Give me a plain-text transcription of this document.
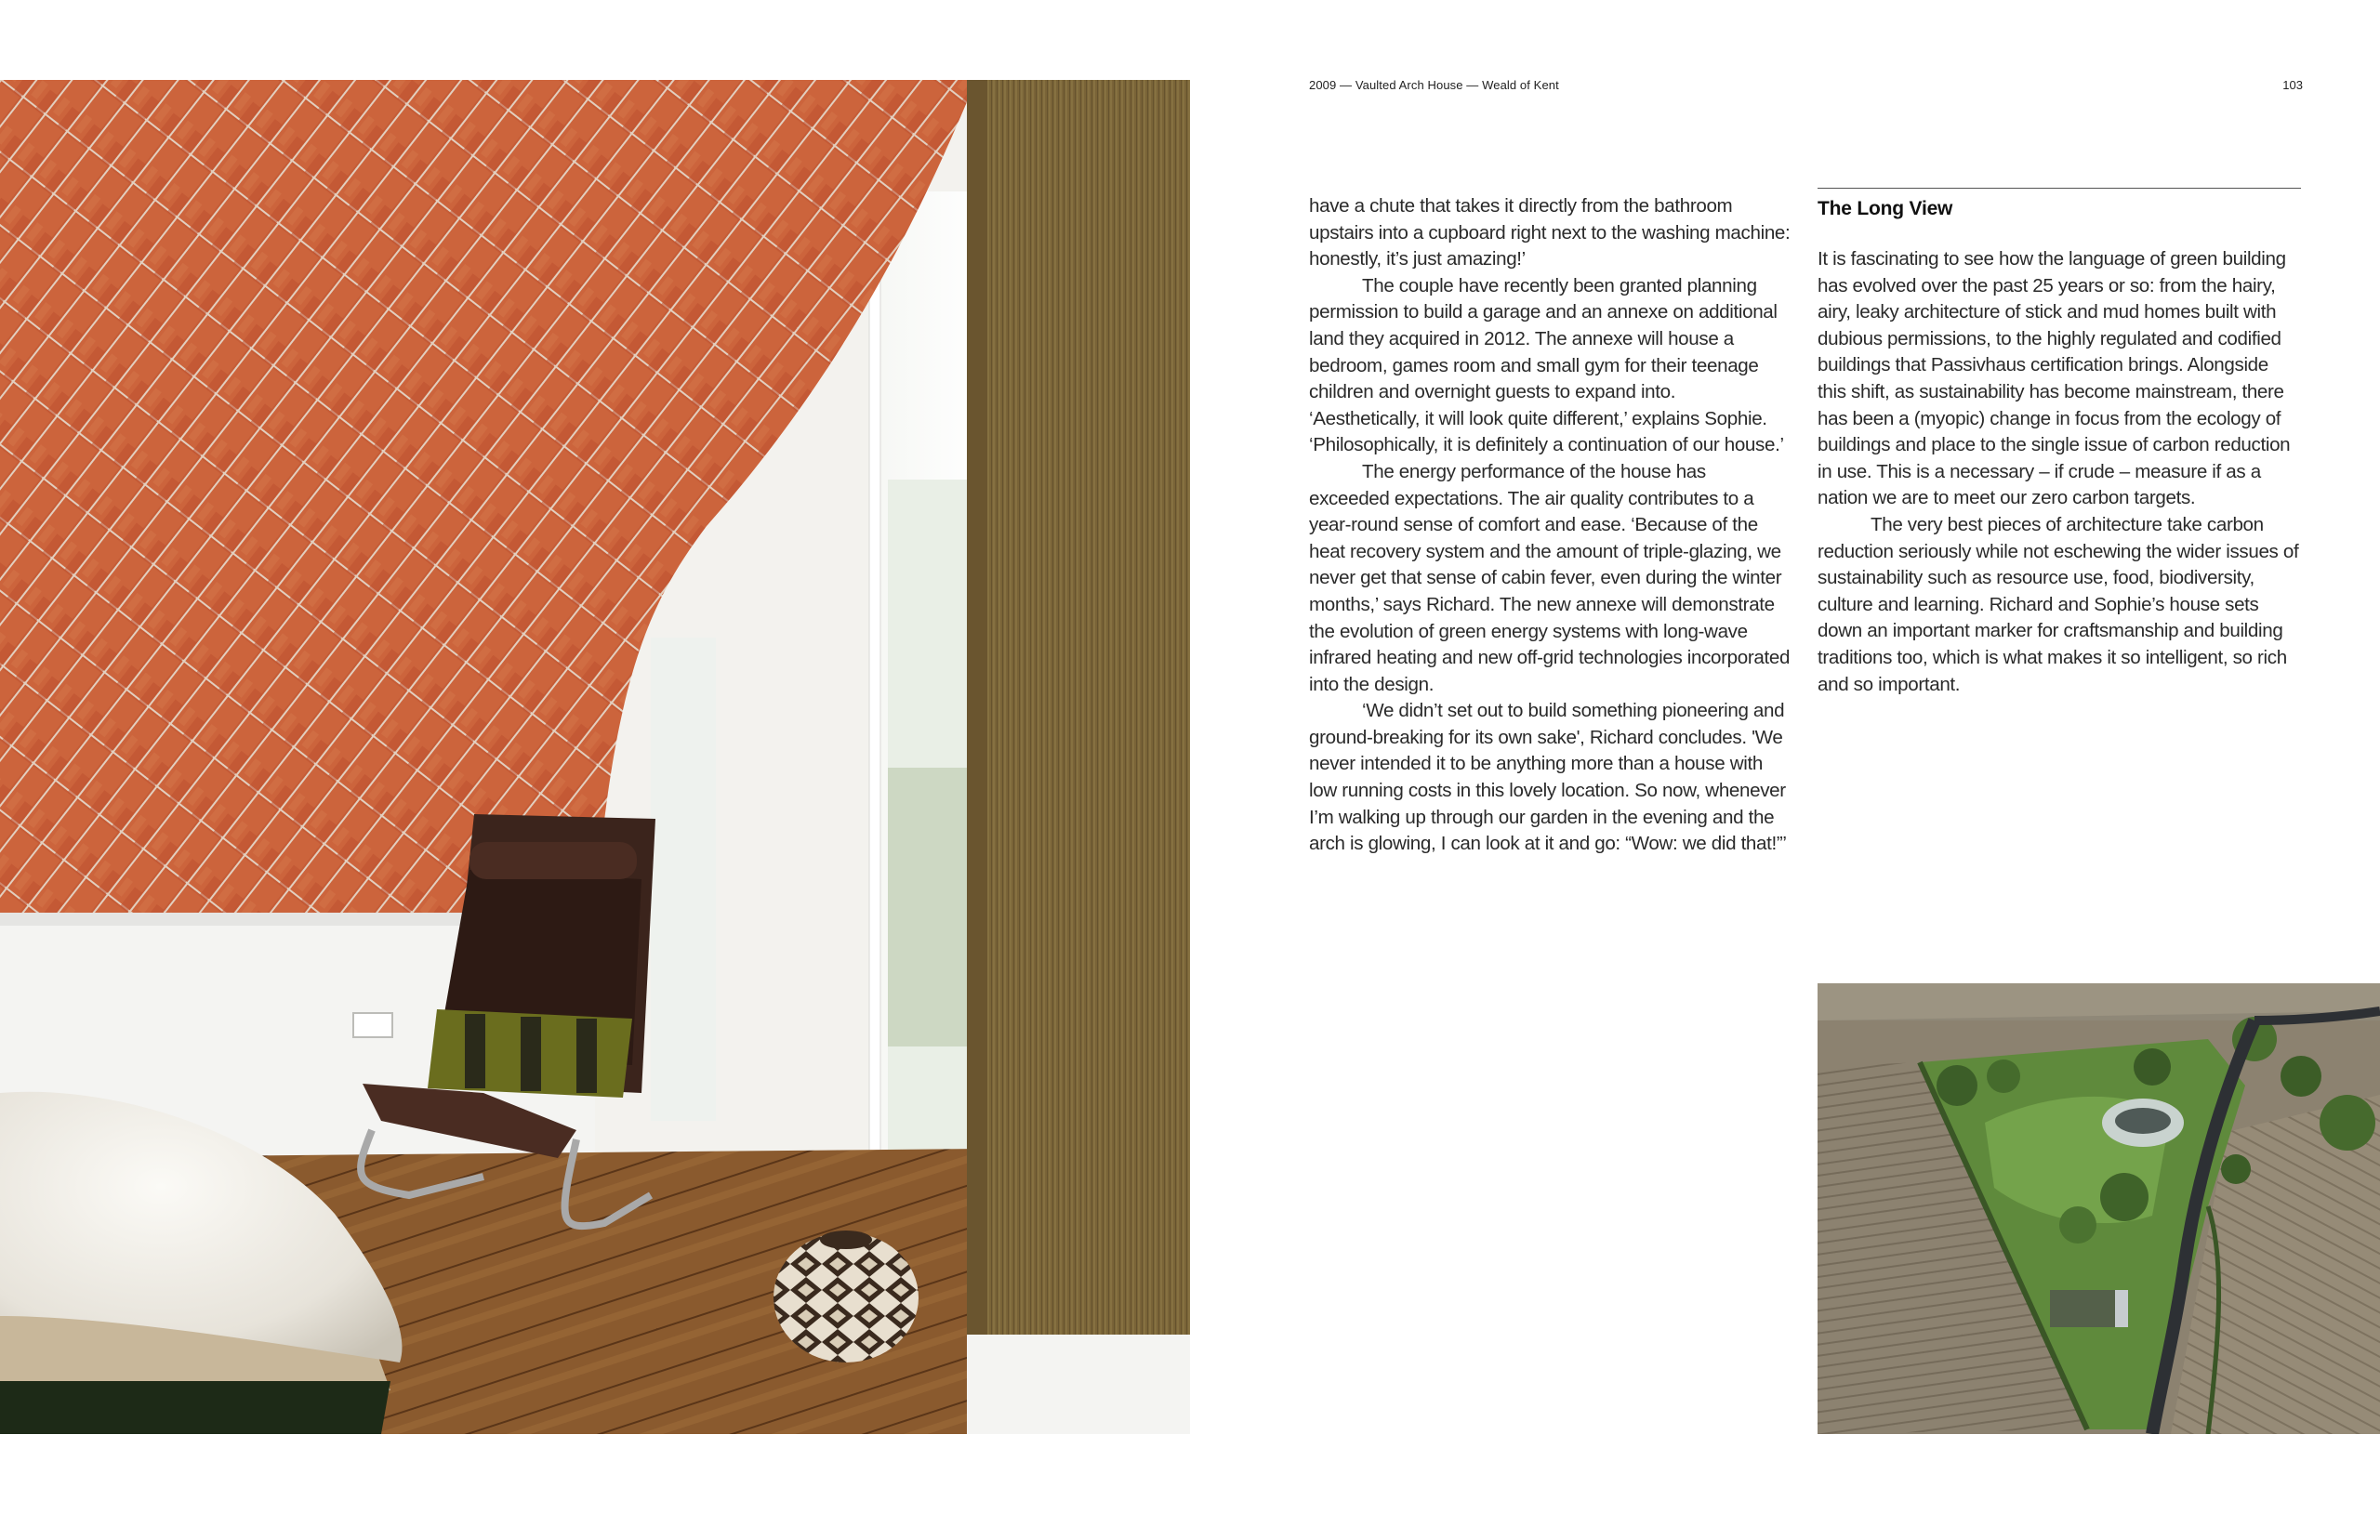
2009 — Vaulted Arch House — Weald of Kent	103

have a chute that takes it directly from the bathroom upstairs into a cupboard right next to the washing machine: honestly, it’s just amazing!’

The couple have recently been granted planning permission to build a garage and an annexe on additional land they acquired in 2012. The annexe will house a bedroom, games room and small gym for their teenage children and overnight guests to expand into. ‘Aesthetically, it will look quite different,’ explains Sophie. ‘Philosophically, it is definitely a continuation of our house.’

The energy performance of the house has exceeded expectations. The air quality contributes to a year-round sense of comfort and ease. ‘Because of the heat recovery system and the amount of triple-glazing, we never get that sense of cabin fever, even during the winter months,’ says Richard. The new annexe will demonstrate the evolution of green energy systems with long-wave infrared heating and new off-grid technologies incorporated into the design.

‘We didn’t set out to build something pioneering and ground-breaking for its own sake', Richard concludes. 'We never intended it to be anything more than a house with low running costs in this lovely location. So now, whenever I’m walking up through our garden in the evening and the arch is glowing, I can look at it and go: “Wow: we did that!”’

The Long View

It is fascinating to see how the language of green building has evolved over the past 25 years or so: from the hairy, airy, leaky architecture of stick and mud homes built with dubious permissions, to the highly regulated and codified buildings that Passivhaus certification brings. Alongside this shift, as sustainability has become mainstream, there has been a (myopic) change in focus from the ecology of buildings and place to the single issue of carbon reduction in use. This is a necessary – if crude – measure if as a nation we are to meet our zero carbon targets.

The very best pieces of architecture take carbon reduction seriously while not eschewing the wider issues of sustainability such as resource use, food, biodiversity, culture and learning. Richard and Sophie’s house sets down an important marker for craftsmanship and building traditions too, which is what makes it so intelligent, so rich and so important.
